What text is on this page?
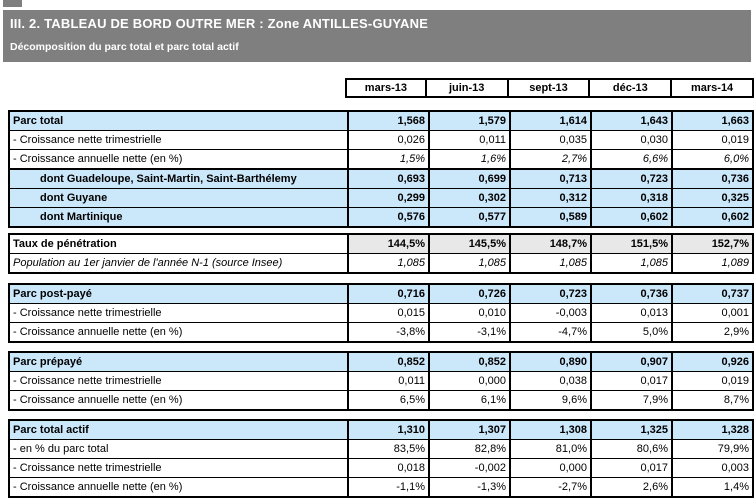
III. 2. TABLEAU DE BORD OUTRE MER : Zone ANTILLES-GUYANE
Décomposition du parc total et parc total actif
mars-13	juin-13	sept-13	déc-13	mars-14
Parc total	1,568	1,579	1,614	1,643	1,663
- Croissance nette trimestrielle	0,026	0,011	0,035	0,030	0,019
- Croissance annuelle nette (en %)	1,5%	1,6%	2,7%	6,6%	6,0%
dont Guadeloupe, Saint-Martin, Saint-Barthélemy	0,693	0,699	0,713	0,723	0,736
dont Guyane	0,299	0,302	0,312	0,318	0,325
dont Martinique	0,576	0,577	0,589	0,602	0,602
Taux de pénétration	144,5%	145,5%	148,7%	151,5%	152,7%
Population au 1er janvier de l'année N-1 (source Insee)	1,085	1,085	1,085	1,085	1,089
Parc post-payé	0,716	0,726	0,723	0,736	0,737
- Croissance nette trimestrielle	0,015	0,010	-0,003	0,013	0,001
- Croissance annuelle nette (en %)	-3,8%	-3,1%	-4,7%	5,0%	2,9%
Parc prépayé	0,852	0,852	0,890	0,907	0,926
- Croissance nette trimestrielle	0,011	0,000	0,038	0,017	0,019
- Croissance annuelle nette (en %)	6,5%	6,1%	9,6%	7,9%	8,7%
Parc total actif	1,310	1,307	1,308	1,325	1,328
- en % du parc total	83,5%	82,8%	81,0%	80,6%	79,9%
- Croissance nette trimestrielle	0,018	-0,002	0,000	0,017	0,003
- Croissance annuelle nette (en %)	-1,1%	-1,3%	-2,7%	2,6%	1,4%
